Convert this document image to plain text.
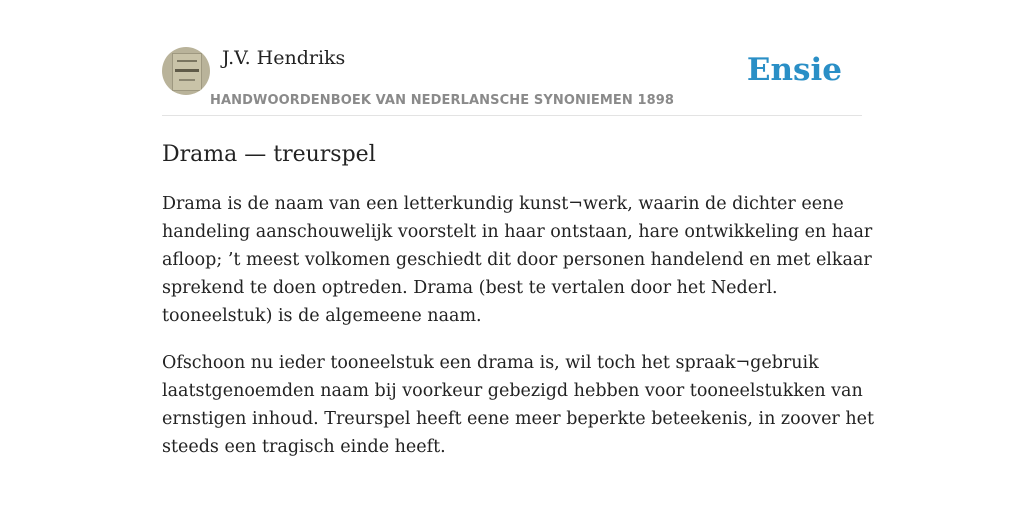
J.V. Hendriks
HANDWOORDENBOEK VAN NEDERLANSCHE SYNONIEMEN 1898
Ensie
Drama — treurspel

Drama is de naam van een letterkundig kunst¬werk, waarin de dichter eene
handeling aanschouwelijk voorstelt in haar ontstaan, hare ontwikkeling en haar
afloop; ’t meest volkomen geschiedt dit door personen handelend en met elkaar
sprekend te doen optreden. Drama (best te vertalen door het Nederl.
tooneelstuk) is de algemeene naam.

Ofschoon nu ieder tooneelstuk een drama is, wil toch het spraak¬gebruik
laatstgenoemden naam bij voorkeur gebezigd hebben voor tooneelstukken van
ernstigen inhoud. Treurspel heeft eene meer beperkte beteekenis, in zoover het
steeds een tragisch einde heeft.
